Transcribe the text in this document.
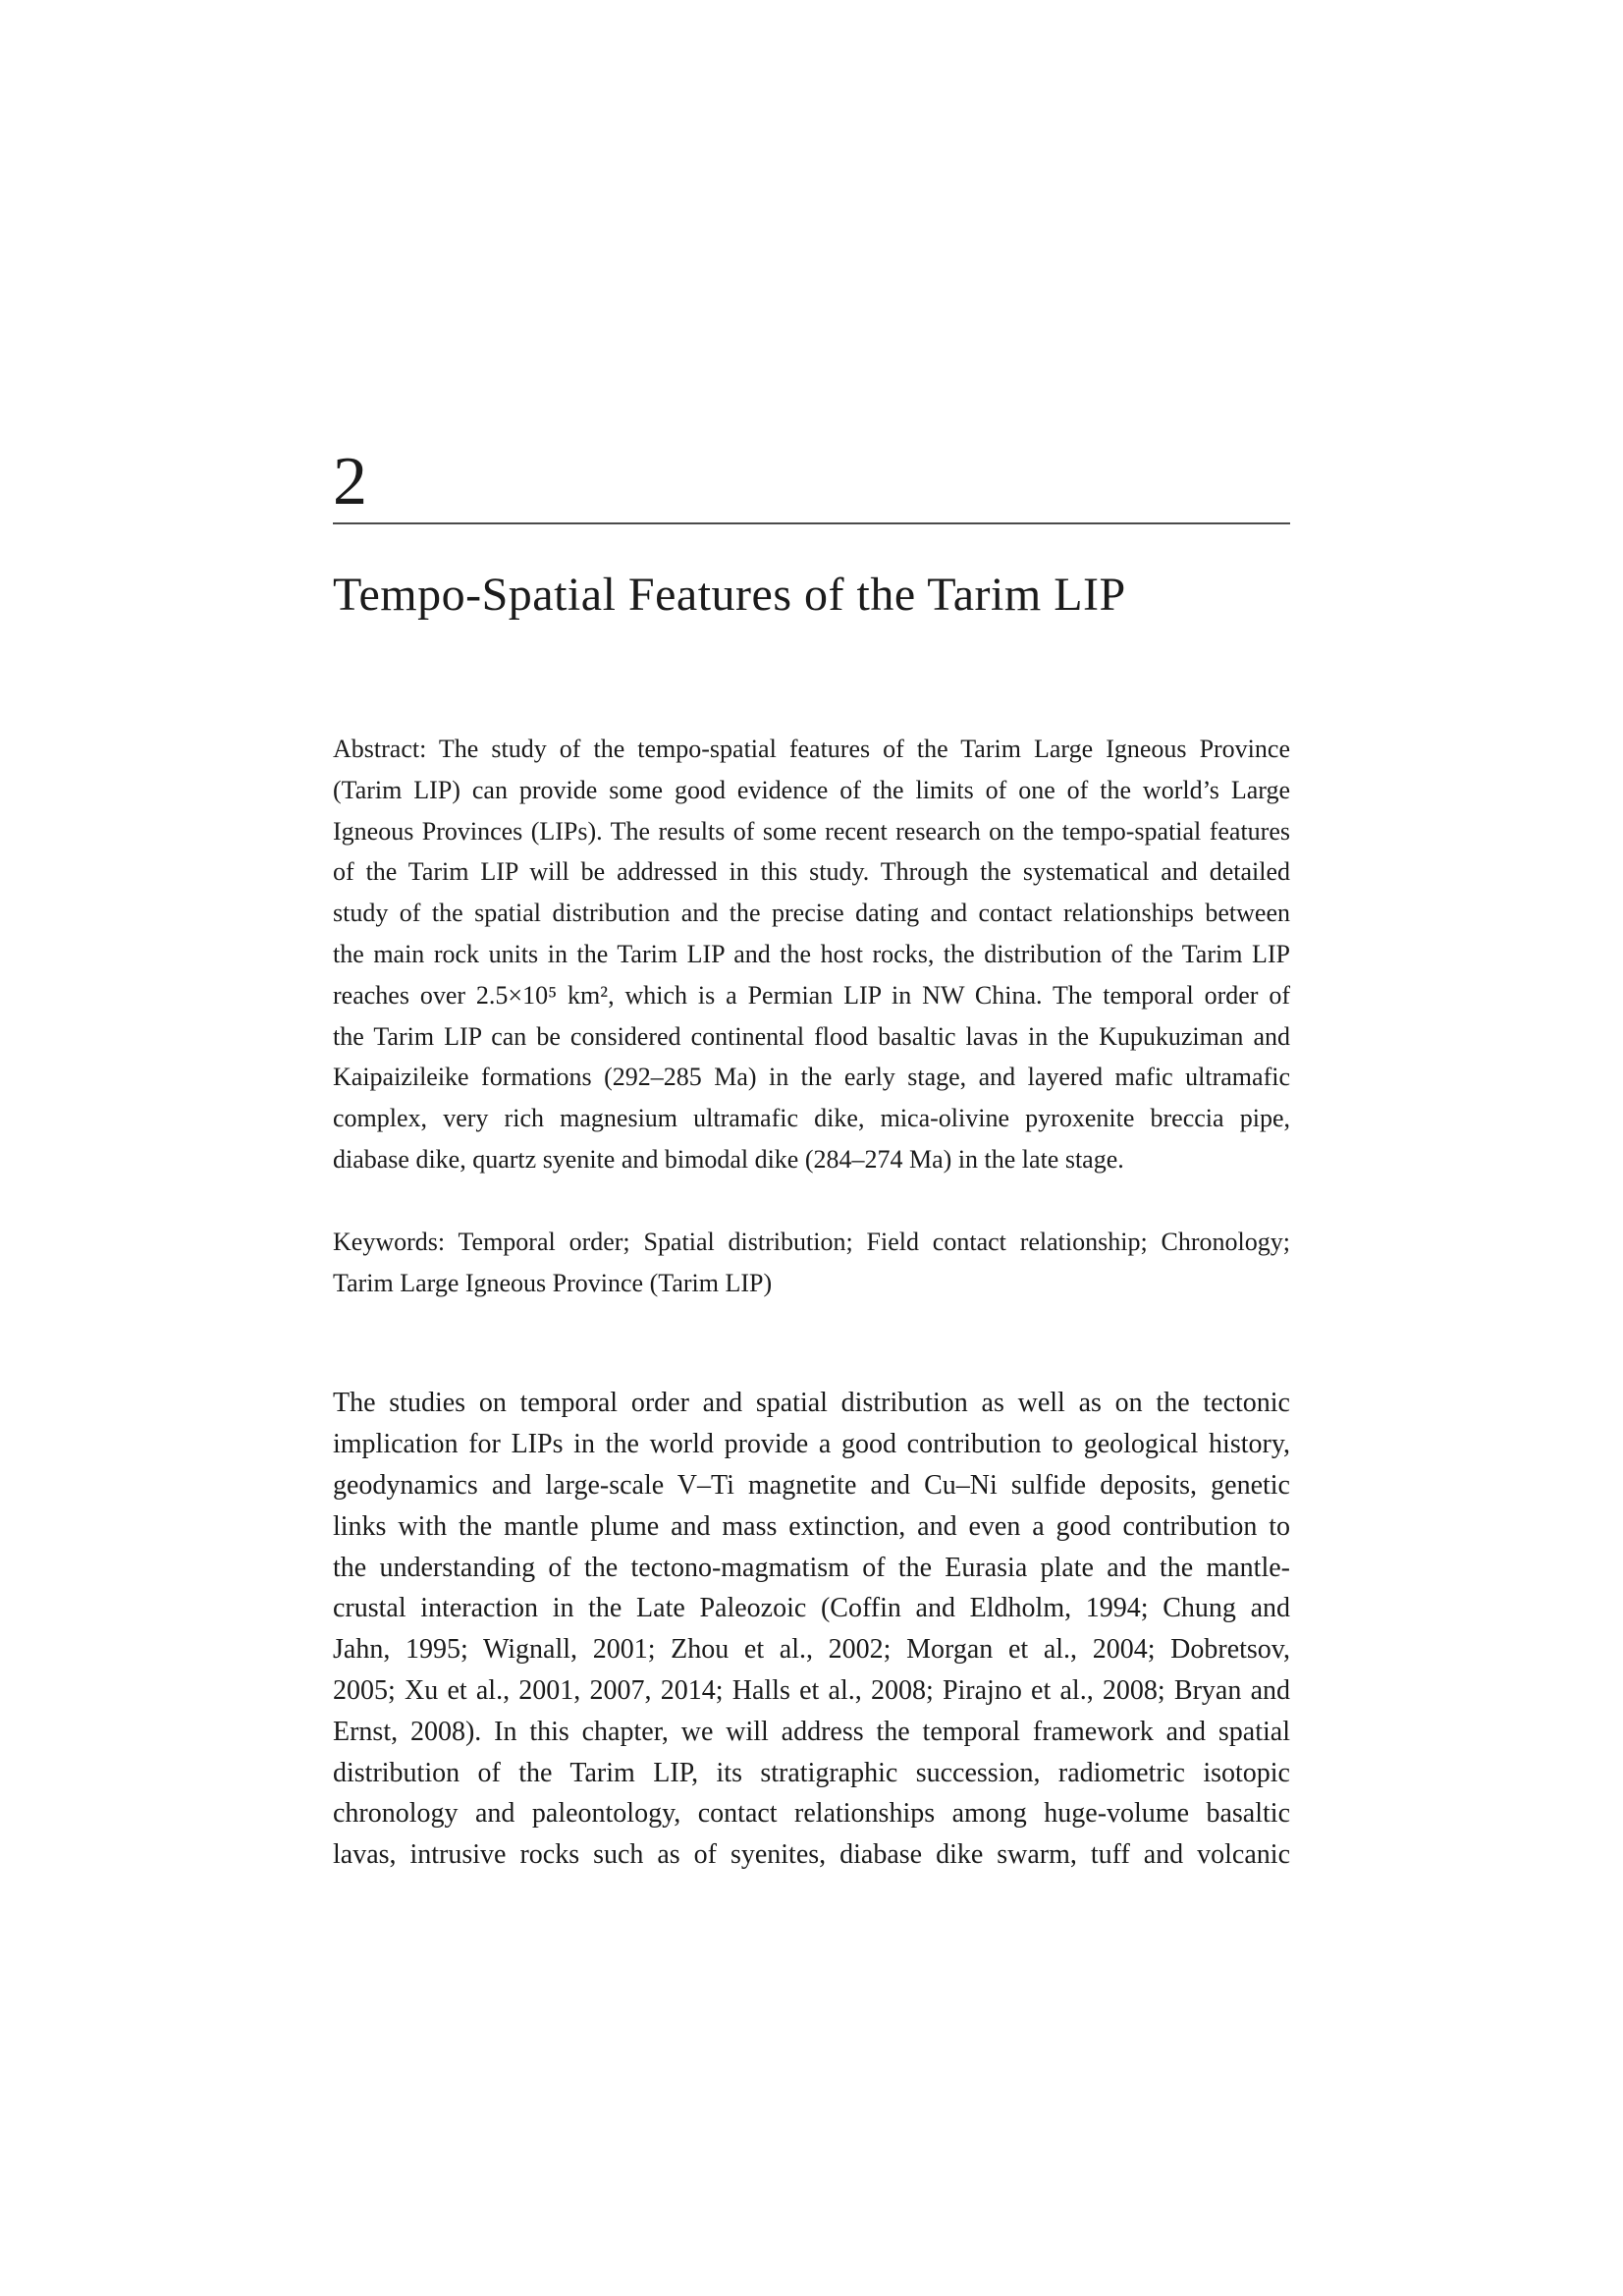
2
Tempo-Spatial Features of the Tarim LIP
Abstract: The study of the tempo-spatial features of the Tarim Large Igneous Province
(Tarim LIP) can provide some good evidence of the limits of one of the world’s Large
Igneous Provinces (LIPs). The results of some recent research on the tempo-spatial features
of the Tarim LIP will be addressed in this study. Through the systematical and detailed
study of the spatial distribution and the precise dating and contact relationships between
the main rock units in the Tarim LIP and the host rocks, the distribution of the Tarim LIP
reaches over 2.5×10⁵ km², which is a Permian LIP in NW China. The temporal order of
the Tarim LIP can be considered continental flood basaltic lavas in the Kupukuziman and
Kaipaizileike formations (292–285 Ma) in the early stage, and layered mafic ultramafic
complex, very rich magnesium ultramafic dike, mica-olivine pyroxenite breccia pipe,
diabase dike, quartz syenite and bimodal dike (284–274 Ma) in the late stage.
Keywords: Temporal order; Spatial distribution; Field contact relationship; Chronology;
Tarim Large Igneous Province (Tarim LIP)
The studies on temporal order and spatial distribution as well as on the tectonic
implication for LIPs in the world provide a good contribution to geological history,
geodynamics and large-scale V–Ti magnetite and Cu–Ni sulfide deposits, genetic
links with the mantle plume and mass extinction, and even a good contribution to
the understanding of the tectono-magmatism of the Eurasia plate and the mantle-
crustal interaction in the Late Paleozoic (Coffin and Eldholm, 1994; Chung and
Jahn, 1995; Wignall, 2001; Zhou et al., 2002; Morgan et al., 2004; Dobretsov,
2005; Xu et al., 2001, 2007, 2014; Halls et al., 2008; Pirajno et al., 2008; Bryan and
Ernst, 2008). In this chapter, we will address the temporal framework and spatial
distribution of the Tarim LIP, its stratigraphic succession, radiometric isotopic
chronology and paleontology, contact relationships among huge-volume basaltic
lavas, intrusive rocks such as of syenites, diabase dike swarm, tuff and volcanic
